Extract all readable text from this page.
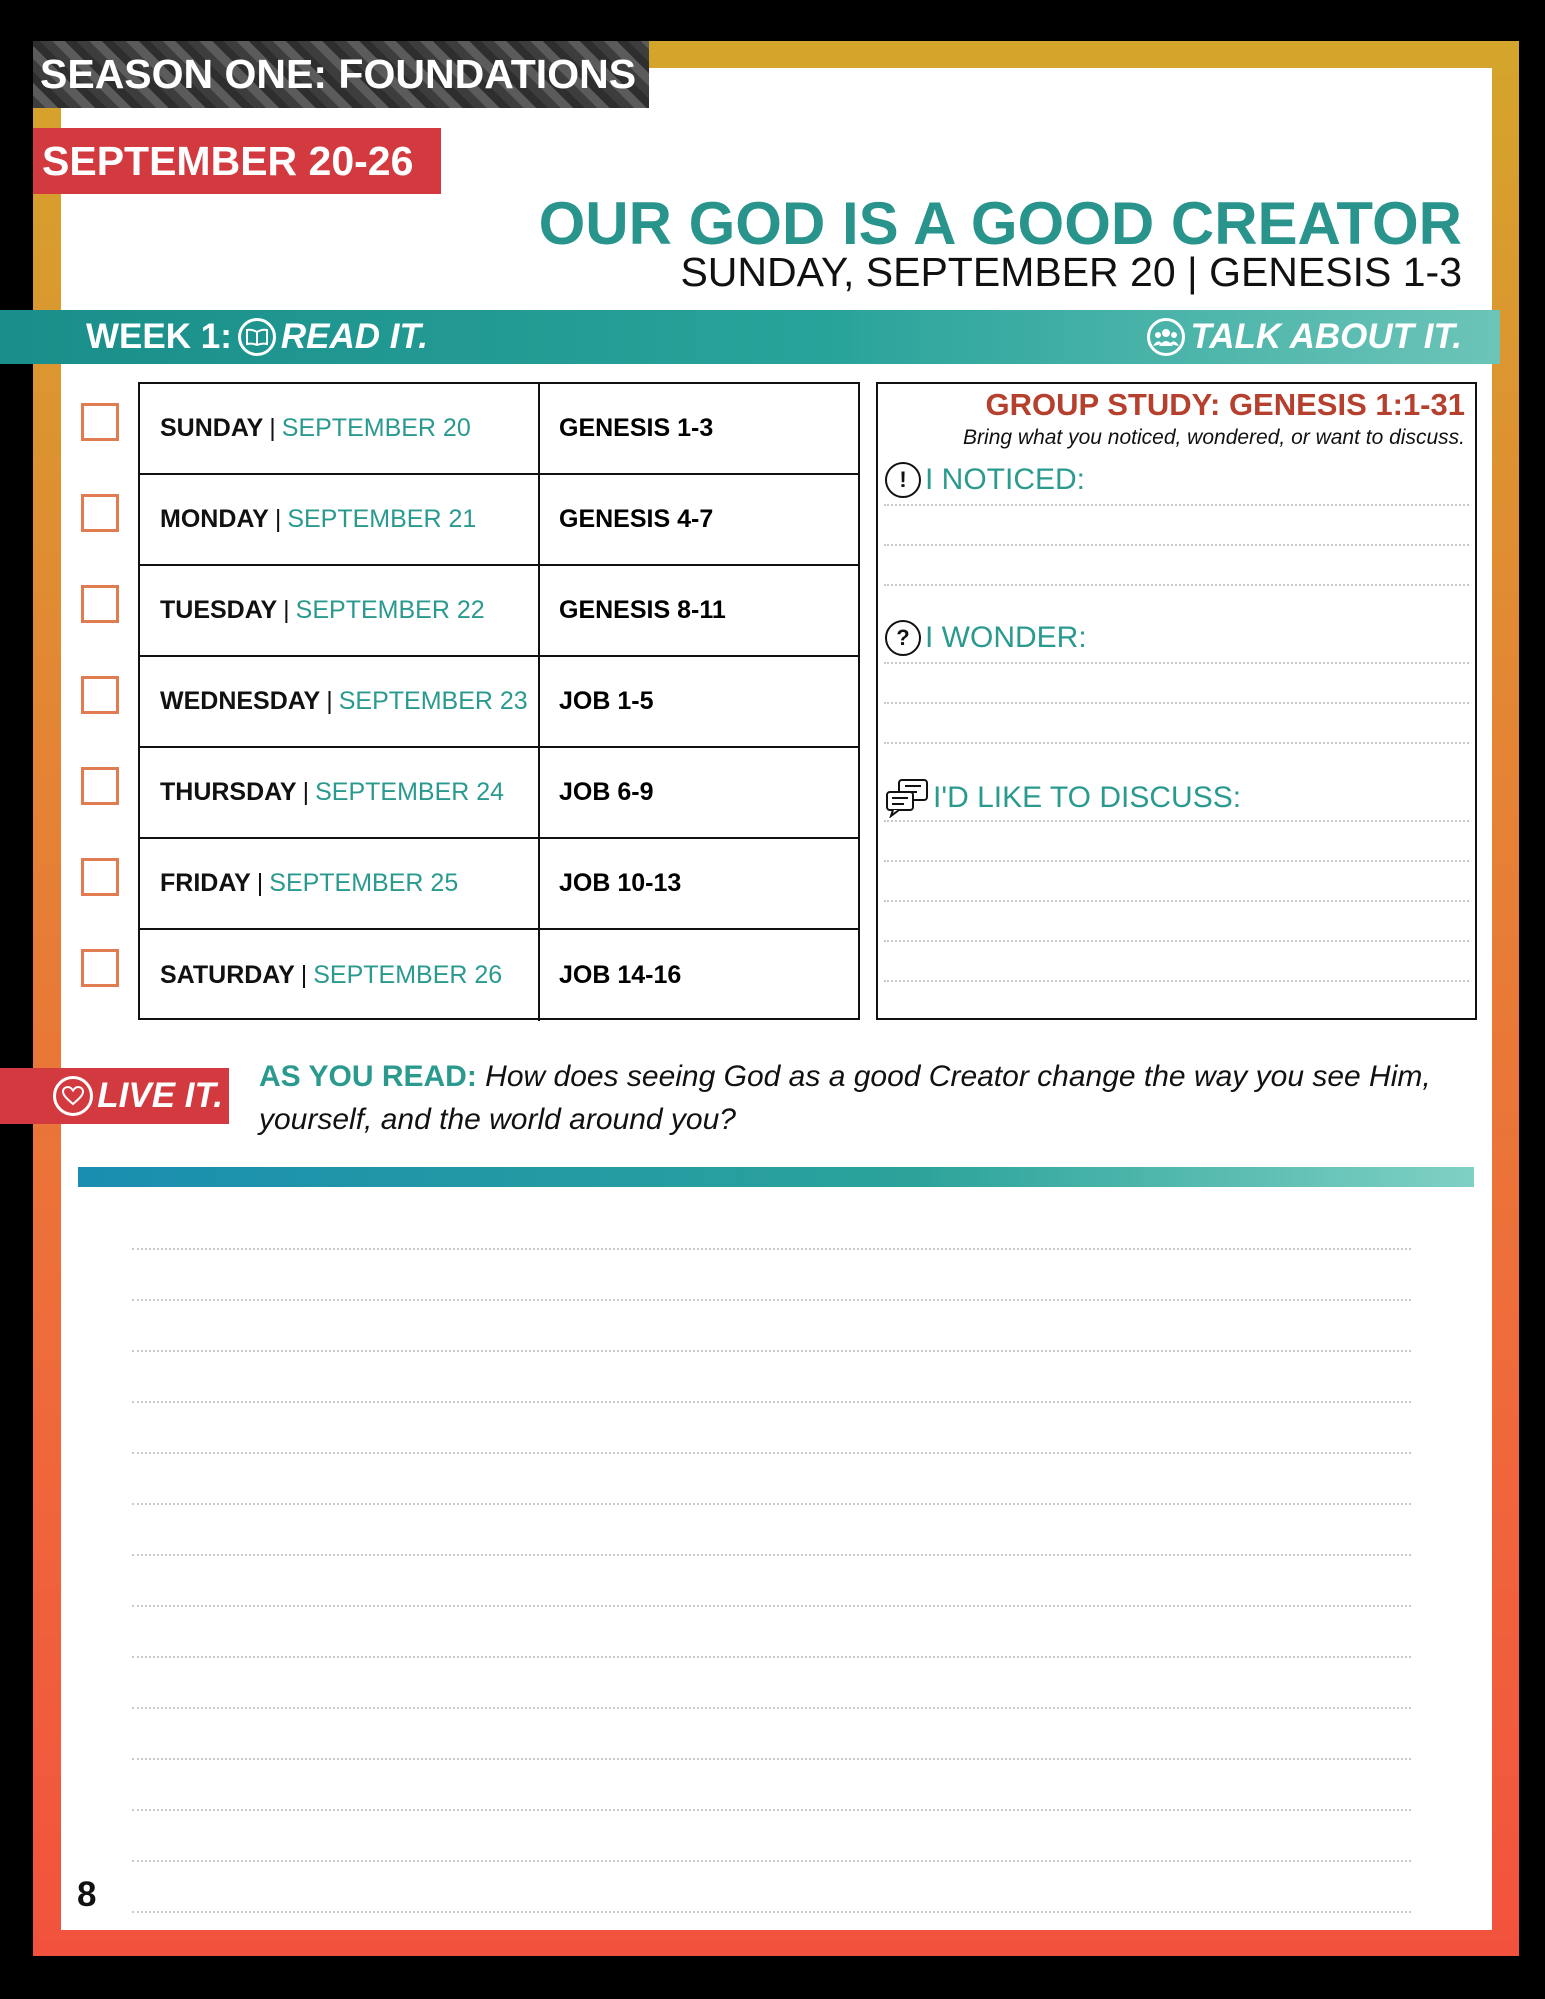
SEASON ONE: FOUNDATIONS
SEPTEMBER 20-26
OUR GOD IS A GOOD CREATOR
SUNDAY, SEPTEMBER 20 | GENESIS 1-3
WEEK 1: READ IT.	TALK ABOUT IT.
SUNDAY | SEPTEMBER 20	GENESIS 1-3
MONDAY | SEPTEMBER 21	GENESIS 4-7
TUESDAY | SEPTEMBER 22	GENESIS 8-11
WEDNESDAY | SEPTEMBER 23	JOB 1-5
THURSDAY | SEPTEMBER 24	JOB 6-9
FRIDAY | SEPTEMBER 25	JOB 10-13
SATURDAY | SEPTEMBER 26	JOB 14-16
GROUP STUDY: GENESIS 1:1-31
Bring what you noticed, wondered, or want to discuss.
! I NOTICED:
? I WONDER:
I'D LIKE TO DISCUSS:
LIVE IT. AS YOU READ: How does seeing God as a good Creator change the way you see Him, yourself, and the world around you?
8
